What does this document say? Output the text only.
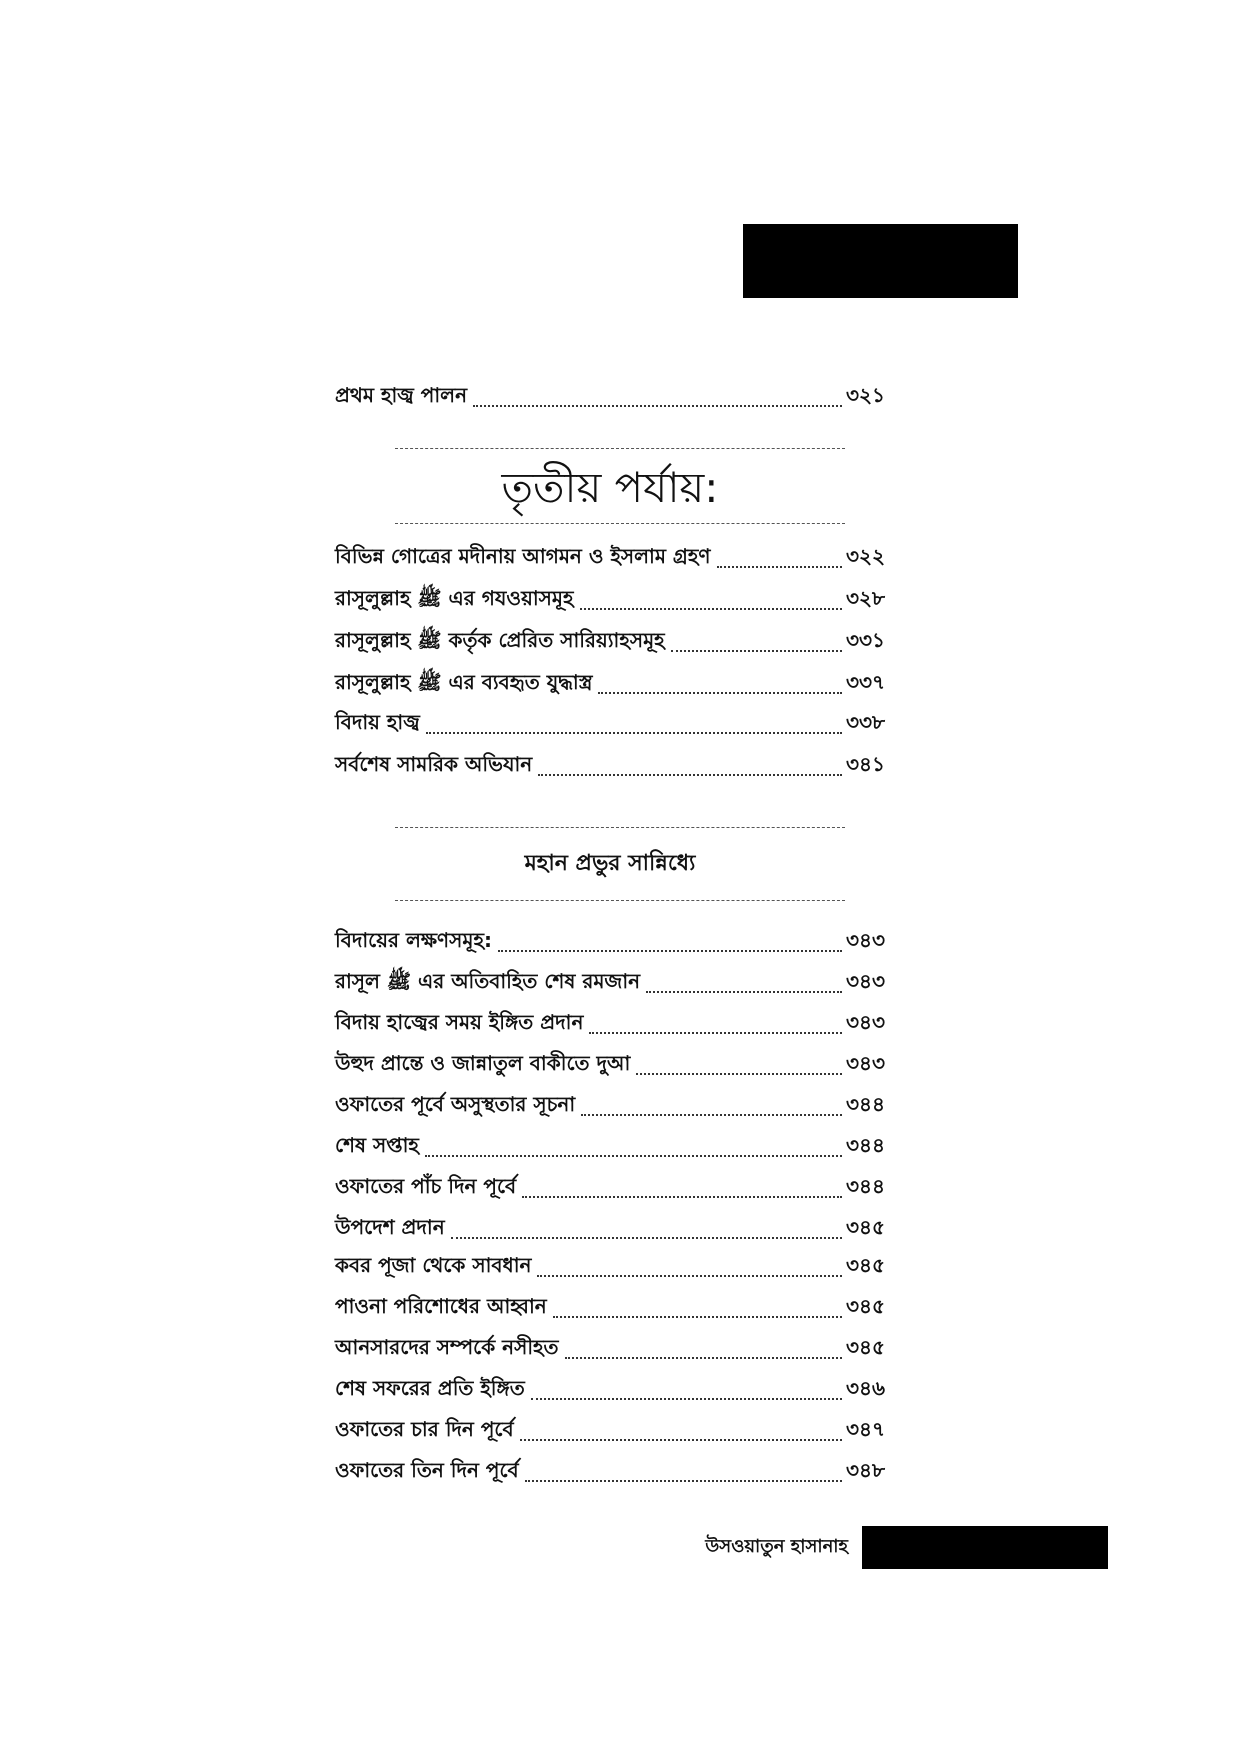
প্রথম হাজ্ব পালন	৩২১
তৃতীয় পর্যায়:
বিভিন্ন গোত্রের মদীনায় আগমন ও ইসলাম গ্রহণ	৩২২
রাসূলুল্লাহ ﷺ এর গযওয়াসমূহ	৩২৮
রাসূলুল্লাহ ﷺ কর্তৃক প্রেরিত সারিয়্যাহসমূহ	৩৩১
রাসূলুল্লাহ ﷺ এর ব্যবহৃত যুদ্ধাস্ত্র	৩৩৭
বিদায় হাজ্ব	৩৩৮
সর্বশেষ সামরিক অভিযান	৩৪১
মহান প্রভুর সান্নিধ্যে
বিদায়ের লক্ষণসমূহ:	৩৪৩
রাসূল ﷺ এর অতিবাহিত শেষ রমজান	৩৪৩
বিদায় হাজ্বের সময় ইঙ্গিত প্রদান	৩৪৩
উহুদ প্রান্তে ও জান্নাতুল বাকীতে দুআ	৩৪৩
ওফাতের পূর্বে অসুস্থতার সূচনা	৩৪৪
শেষ সপ্তাহ	৩৪৪
ওফাতের পাঁচ দিন পূর্বে	৩৪৪
উপদেশ প্রদান	৩৪৫
কবর পূজা থেকে সাবধান	৩৪৫
পাওনা পরিশোধের আহ্বান	৩৪৫
আনসারদের সম্পর্কে নসীহত	৩৪৫
শেষ সফরের প্রতি ইঙ্গিত	৩৪৬
ওফাতের চার দিন পূর্বে	৩৪৭
ওফাতের তিন দিন পূর্বে	৩৪৮
উসওয়াতুন হাসানাহ
